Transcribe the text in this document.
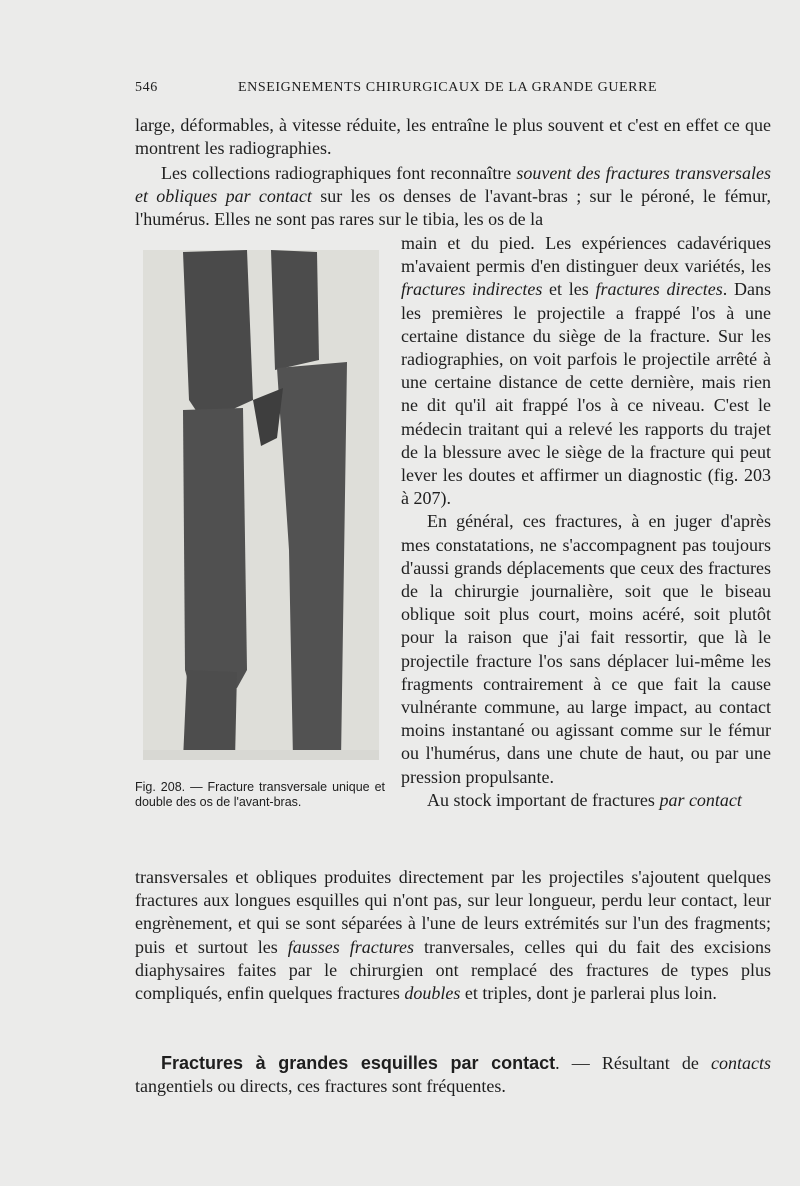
546	ENSEIGNEMENTS CHIRURGICAUX DE LA GRANDE GUERRE
large, déformables, à vitesse réduite, les entraîne le plus souvent et c'est en effet ce que montrent les radiographies.
Les collections radiographiques font reconnaître souvent des fractures transversales et obliques par contact sur les os denses de l'avant-bras ; sur le péroné, le fémur, l'humérus. Elles ne sont pas rares sur le tibia, les os de la
main et du pied. Les expériences cadavériques m'avaient permis d'en distinguer deux variétés, les fractures indirectes et les fractures directes. Dans les premières le projectile a frappé l'os à une certaine distance du siège de la fracture. Sur les radiographies, on voit parfois le projectile arrêté à une certaine distance de cette dernière, mais rien ne dit qu'il ait frappé l'os à ce niveau. C'est le médecin traitant qui a relevé les rapports du trajet de la blessure avec le siège de la fracture qui peut lever les doutes et affirmer un diagnostic (fig. 203 à 207).
En général, ces fractures, à en juger d'après mes constatations, ne s'accompagnent pas toujours d'aussi grands déplacements que ceux des fractures de la chirurgie journalière, soit que le biseau oblique soit plus court, moins acéré, soit plutôt pour la raison que j'ai fait ressortir, que là le projectile fracture l'os sans déplacer lui-même les fragments contrairement à ce que fait la cause vulnérante commune, au large impact, au contact moins instantané ou agissant comme sur le fémur ou l'humérus, dans une chute de haut, ou par une pression propulsante.
Au stock important de fractures par contact
Fig. 208. — Fracture transversale unique et double des os de l'avant-bras.
transversales et obliques produites directement par les projectiles s'ajoutent quelques fractures aux longues esquilles qui n'ont pas, sur leur longueur, perdu leur contact, leur engrènement, et qui se sont séparées à l'une de leurs extrémités sur l'un des fragments; puis et surtout les fausses fractures tranversales, celles qui du fait des excisions diaphysaires faites par le chirurgien ont remplacé des fractures de types plus compliqués, enfin quelques fractures doubles et triples, dont je parlerai plus loin.
Fractures à grandes esquilles par contact. — Résultant de contacts tangentiels ou directs, ces fractures sont fréquentes.
